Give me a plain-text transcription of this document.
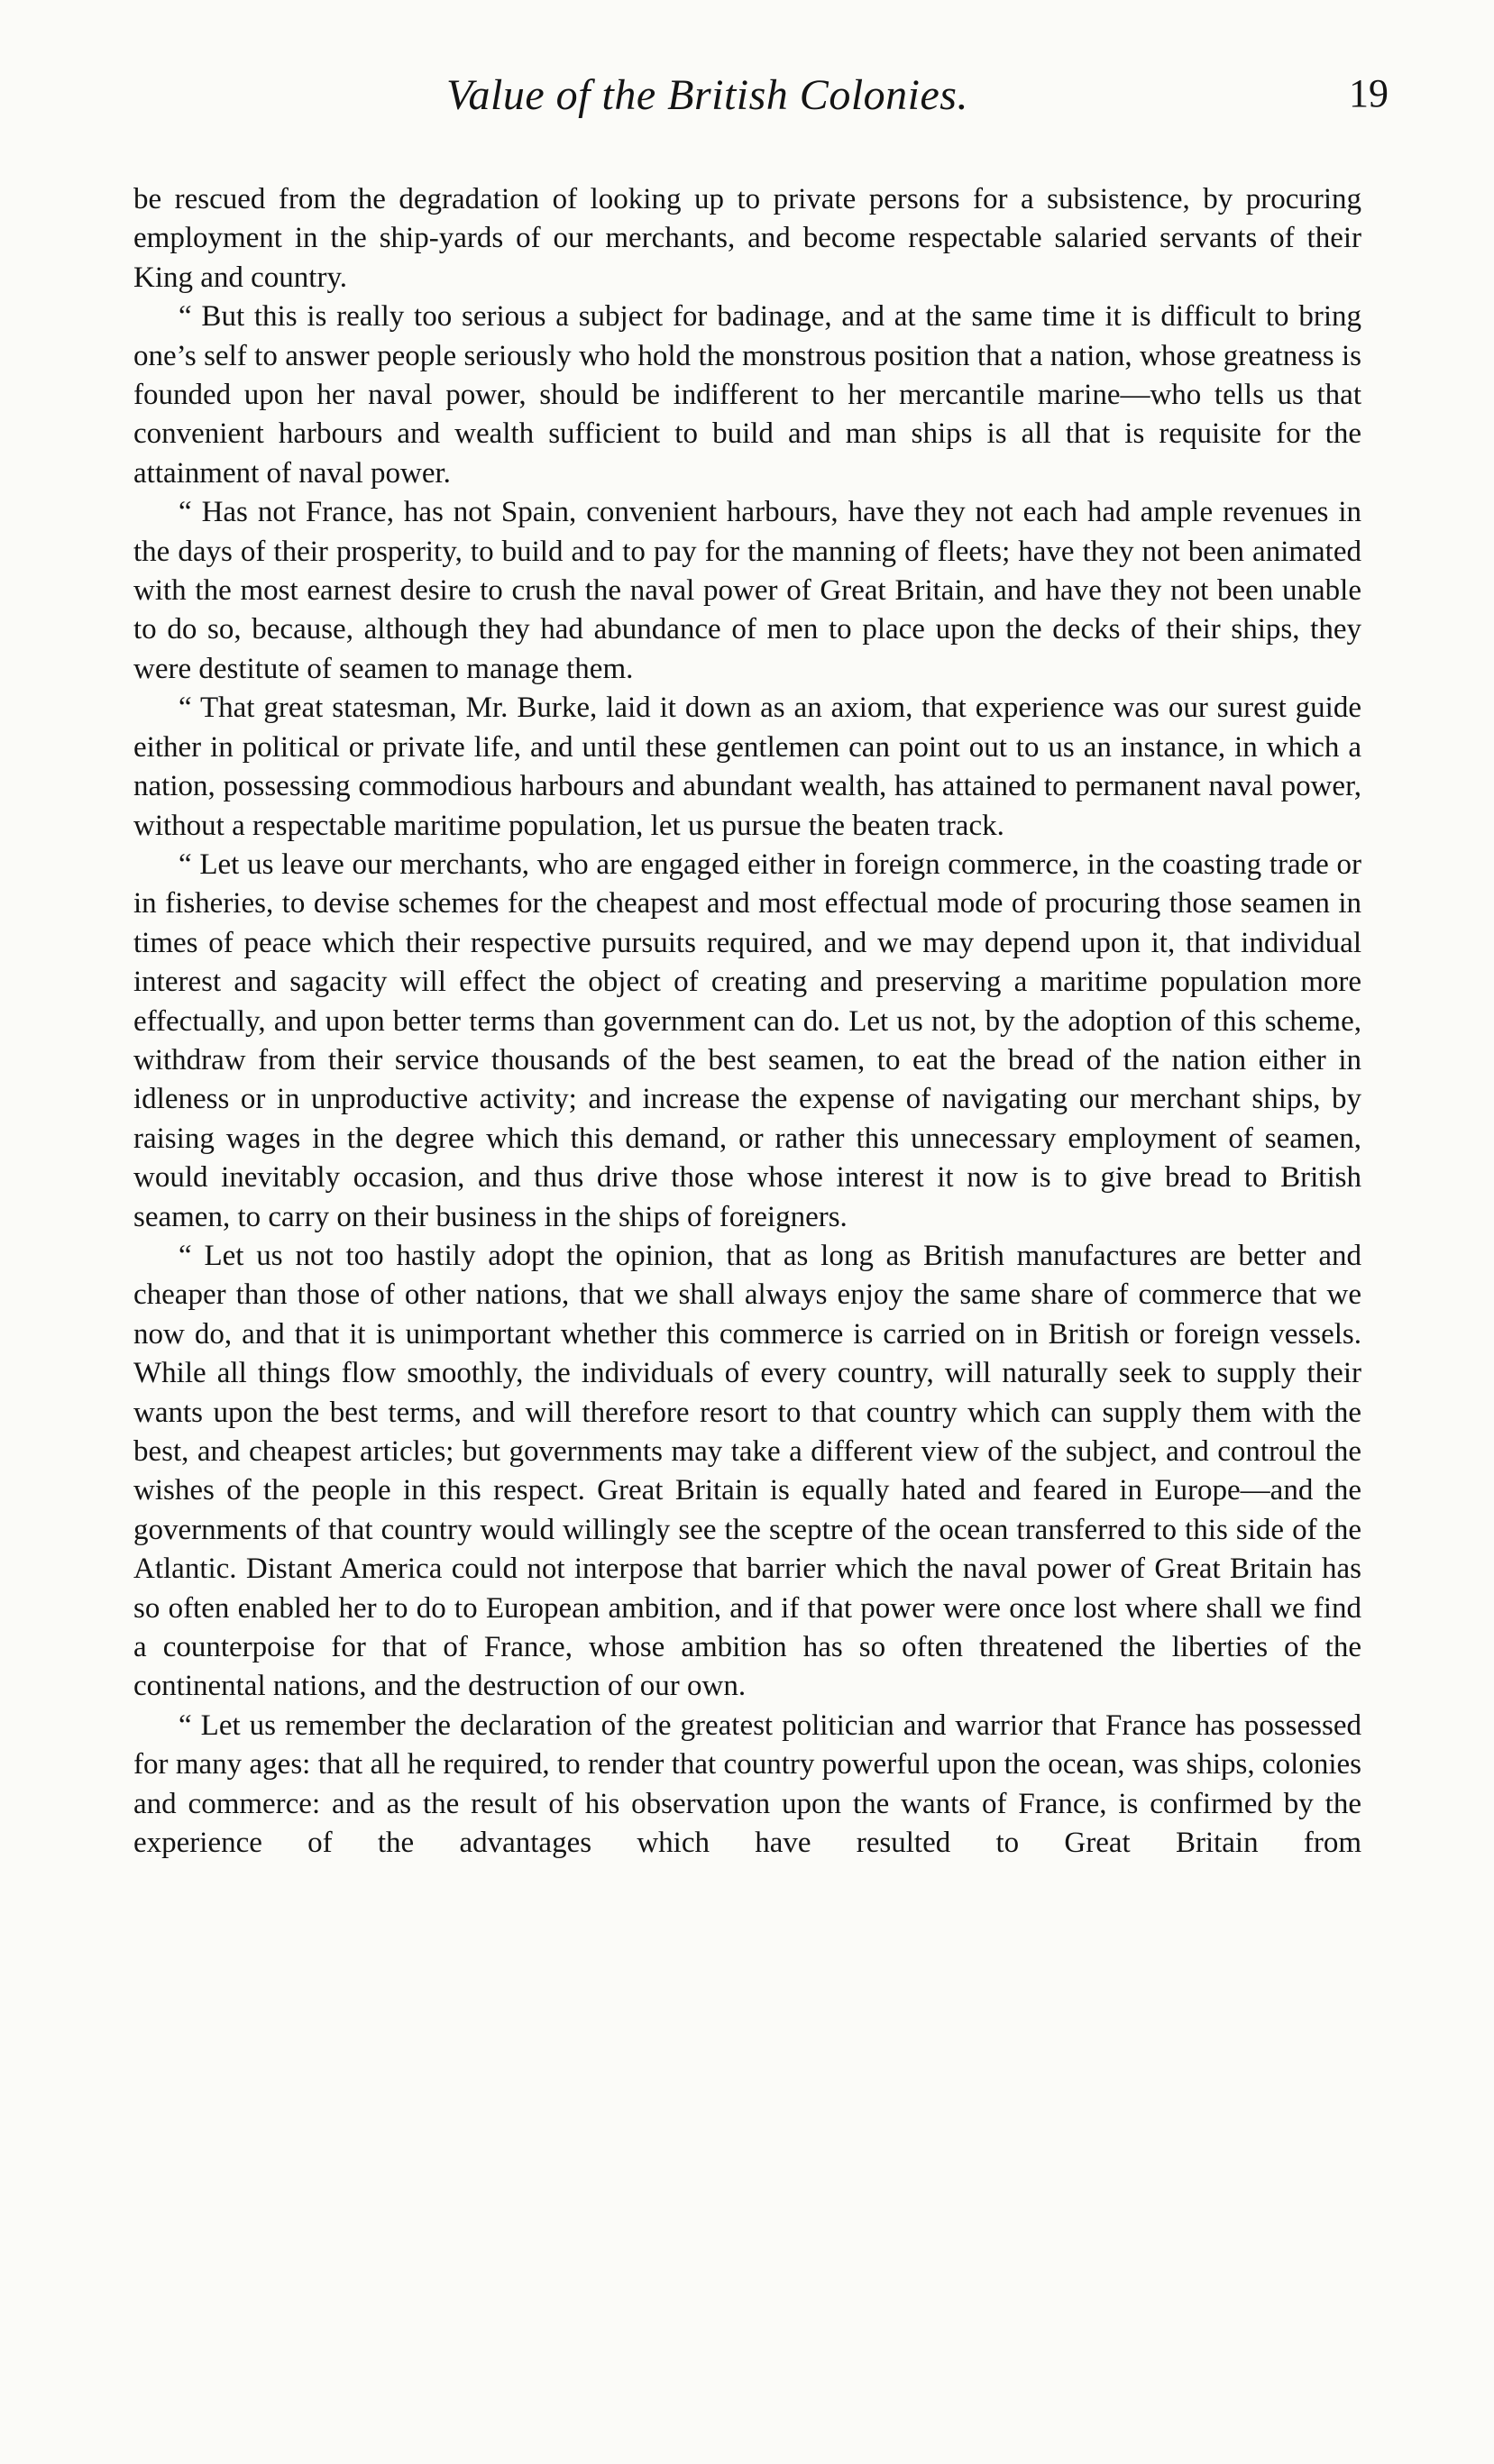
Value of the British Colonies.	19

be rescued from the degradation of looking up to private persons for a subsistence, by procuring employment in the ship-yards of our merchants, and become respectable salaried servants of their King and country.

“ But this is really too serious a subject for badinage, and at the same time it is difficult to bring one’s self to answer people seriously who hold the monstrous position that a nation, whose greatness is founded upon her naval power, should be indifferent to her mercantile marine—who tells us that convenient harbours and wealth sufficient to build and man ships is all that is requisite for the attainment of naval power.

“ Has not France, has not Spain, convenient harbours, have they not each had ample revenues in the days of their prosperity, to build and to pay for the manning of fleets; have they not been animated with the most earnest desire to crush the naval power of Great Britain, and have they not been unable to do so, because, although they had abundance of men to place upon the decks of their ships, they were destitute of seamen to manage them.

“ That great statesman, Mr. Burke, laid it down as an axiom, that experience was our surest guide either in political or private life, and until these gentlemen can point out to us an instance, in which a nation, possessing commodious harbours and abundant wealth, has attained to permanent naval power, without a respectable maritime population, let us pursue the beaten track.

“ Let us leave our merchants, who are engaged either in foreign commerce, in the coasting trade or in fisheries, to devise schemes for the cheapest and most effectual mode of procuring those seamen in times of peace which their respective pursuits required, and we may depend upon it, that individual interest and sagacity will effect the object of creating and preserving a maritime population more effectually, and upon better terms than government can do. Let us not, by the adoption of this scheme, withdraw from their service thousands of the best seamen, to eat the bread of the nation either in idleness or in unproductive activity; and increase the expense of navigating our merchant ships, by raising wages in the degree which this demand, or rather this unnecessary employment of seamen, would inevitably occasion, and thus drive those whose interest it now is to give bread to British seamen, to carry on their business in the ships of foreigners.

“ Let us not too hastily adopt the opinion, that as long as British manufactures are better and cheaper than those of other nations, that we shall always enjoy the same share of commerce that we now do, and that it is unimportant whether this commerce is carried on in British or foreign vessels. While all things flow smoothly, the individuals of every country, will naturally seek to supply their wants upon the best terms, and will therefore resort to that country which can supply them with the best, and cheapest articles; but governments may take a different view of the subject, and controul the wishes of the people in this respect. Great Britain is equally hated and feared in Europe—and the governments of that country would willingly see the sceptre of the ocean transferred to this side of the Atlantic. Distant America could not interpose that barrier which the naval power of Great Britain has so often enabled her to do to European ambition, and if that power were once lost where shall we find a counterpoise for that of France, whose ambition has so often threatened the liberties of the continental nations, and the destruction of our own.

“ Let us remember the declaration of the greatest politician and warrior that France has possessed for many ages: that all he required, to render that country powerful upon the ocean, was ships, colonies and commerce: and as the result of his observation upon the wants of France, is confirmed by the experience of the advantages which have resulted to Great Britain from
